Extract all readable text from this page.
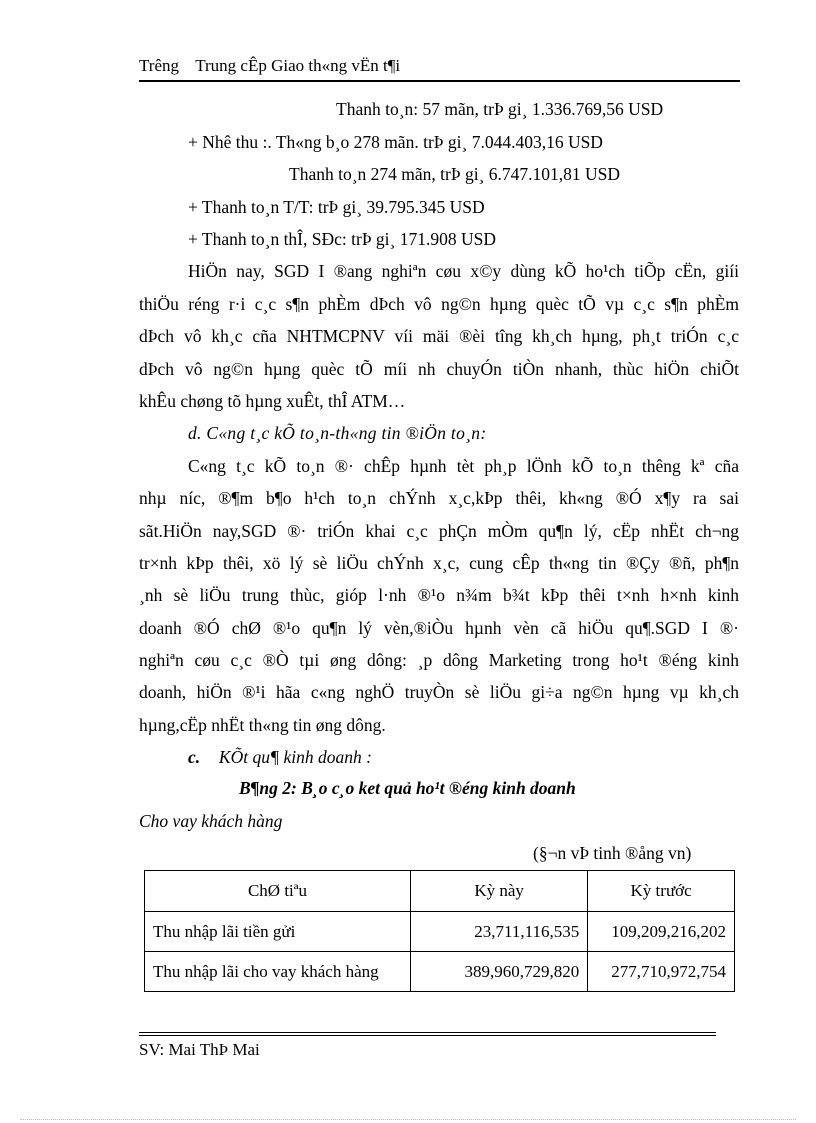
Trêng Trung cÊp Giao th«ng vËn t¶i
Thanh to¸n: 57 mãn, trÞ gi¸ 1.336.769,56 USD
+ Nhê thu :. Th«ng b¸o 278 mãn. trÞ gi¸ 7.044.403,16 USD
Thanh to¸n 274 mãn, trÞ gi¸ 6.747.101,81 USD
+ Thanh to¸n T/T: trÞ gi¸ 39.795.345 USD
+ Thanh to¸n thÎ, SÐc: trÞ gi¸ 171.908 USD
HiÖn nay, SGD I ®ang nghiªn cøu x©y dùng kÕ ho¹ch tiÕp cËn, giíi
thiÖu réng r·i c¸c s¶n phÈm dÞch vô ng©n hµng quèc tÕ vµ c¸c s¶n phÈm
dÞch vô kh¸c cña NHTMCPNV víi mäi ®èi tîng kh¸ch hµng, ph¸t triÓn c¸c
dÞch vô ng©n hµng quèc tÕ míi nh chuyÓn tiÒn nhanh, thùc hiÖn chiÕt
khÊu chøng tõ hµng xuÊt, thÎ ATM…
d. C«ng t¸c kÕ to¸n-th«ng tin ®iÖn to¸n:
C«ng t¸c kÕ to¸n ®· chÊp hµnh tèt ph¸p lÖnh kÕ to¸n thêng kª cña
nhµ níc, ®¶m b¶o h¹ch to¸n chÝnh x¸c,kÞp thêi, kh«ng ®Ó x¶y ra sai
sãt.HiÖn nay,SGD ®· triÓn khai c¸c phÇn mÒm qu¶n lý, cËp nhËt ch¬ng
tr×nh kÞp thêi, xö lý sè liÖu chÝnh x¸c, cung cÊp th«ng tin ®Çy ®ñ, ph¶n
¸nh sè liÖu trung thùc, gióp l·nh ®¹o n¾m b¾t kÞp thêi t×nh h×nh kinh
doanh ®Ó chØ ®¹o qu¶n lý vèn,®iÒu hµnh vèn cã hiÖu qu¶.SGD I ®·
nghiªn cøu c¸c ®Ò tµi øng dông: ¸p dông Marketing trong ho¹t ®éng kinh
doanh, hiÖn ®¹i hãa c«ng nghÖ truyÒn sè liÖu gi÷a ng©n hµng vµ kh¸ch
hµng,cËp nhËt th«ng tin øng dông.
c. KÕt qu¶ kinh doanh :
B¶ng 2: B¸o c¸o ket quả ho¹t ®éng kinh doanh
Cho vay khách hàng
(§¬n vÞ tinh ®ång vn)
ChØ tiªu	Kỳ này	Kỳ trước
Thu nhập lãi tiền gửi	23,711,116,535	109,209,216,202
Thu nhập lãi cho vay khách hàng	389,960,729,820	277,710,972,754
SV: Mai ThÞ Mai
